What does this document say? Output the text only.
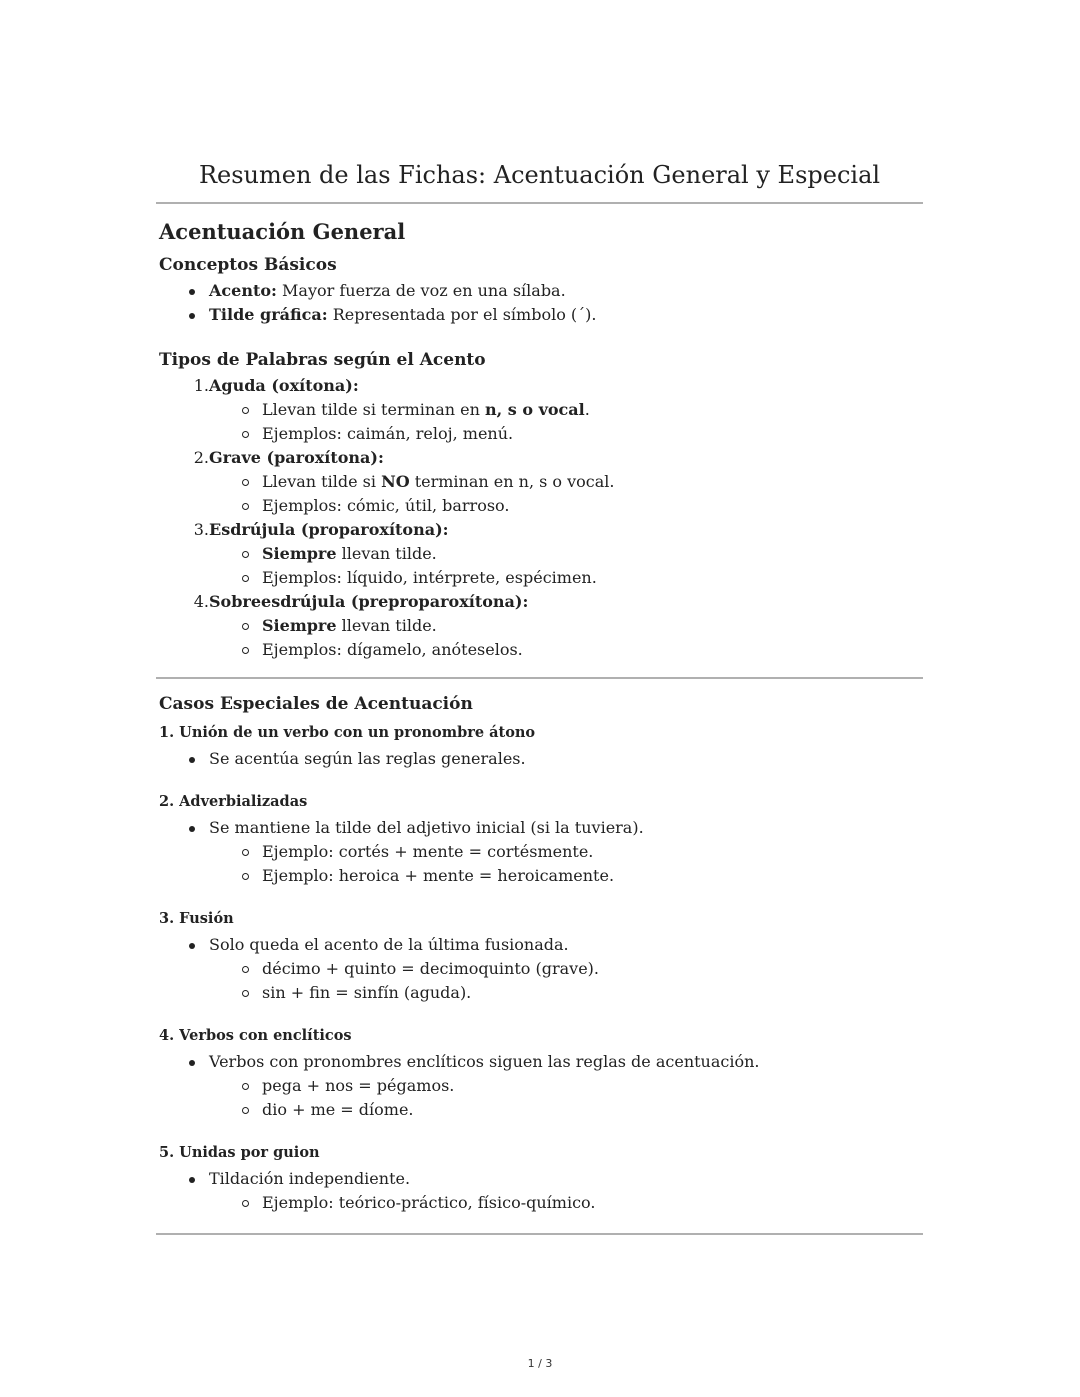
Resumen de las Fichas: Acentuación General y Especial
Acentuación General
Conceptos Básicos
Acento: Mayor fuerza de voz en una sílaba.
Tilde gráfica: Representada por el símbolo (´).
Tipos de Palabras según el Acento
1. Aguda (oxítona):
Llevan tilde si terminan en n, s o vocal.
Ejemplos: caimán, reloj, menú.
2. Grave (paroxítona):
Llevan tilde si NO terminan en n, s o vocal.
Ejemplos: cómic, útil, barroso.
3. Esdrújula (proparoxítona):
Siempre llevan tilde.
Ejemplos: líquido, intérprete, espécimen.
4. Sobreesdrújula (preproparoxítona):
Siempre llevan tilde.
Ejemplos: dígamelo, anóteselos.
Casos Especiales de Acentuación
1. Unión de un verbo con un pronombre átono
Se acentúa según las reglas generales.
2. Adverbializadas
Se mantiene la tilde del adjetivo inicial (si la tuviera).
Ejemplo: cortés + mente = cortésmente.
Ejemplo: heroica + mente = heroicamente.
3. Fusión
Solo queda el acento de la última fusionada.
décimo + quinto = decimoquinto (grave).
sin + fin = sinfín (aguda).
4. Verbos con enclíticos
Verbos con pronombres enclíticos siguen las reglas de acentuación.
pega + nos = pégamos.
dio + me = díome.
5. Unidas por guion
Tildación independiente.
Ejemplo: teórico-práctico, físico-químico.
1 / 3
